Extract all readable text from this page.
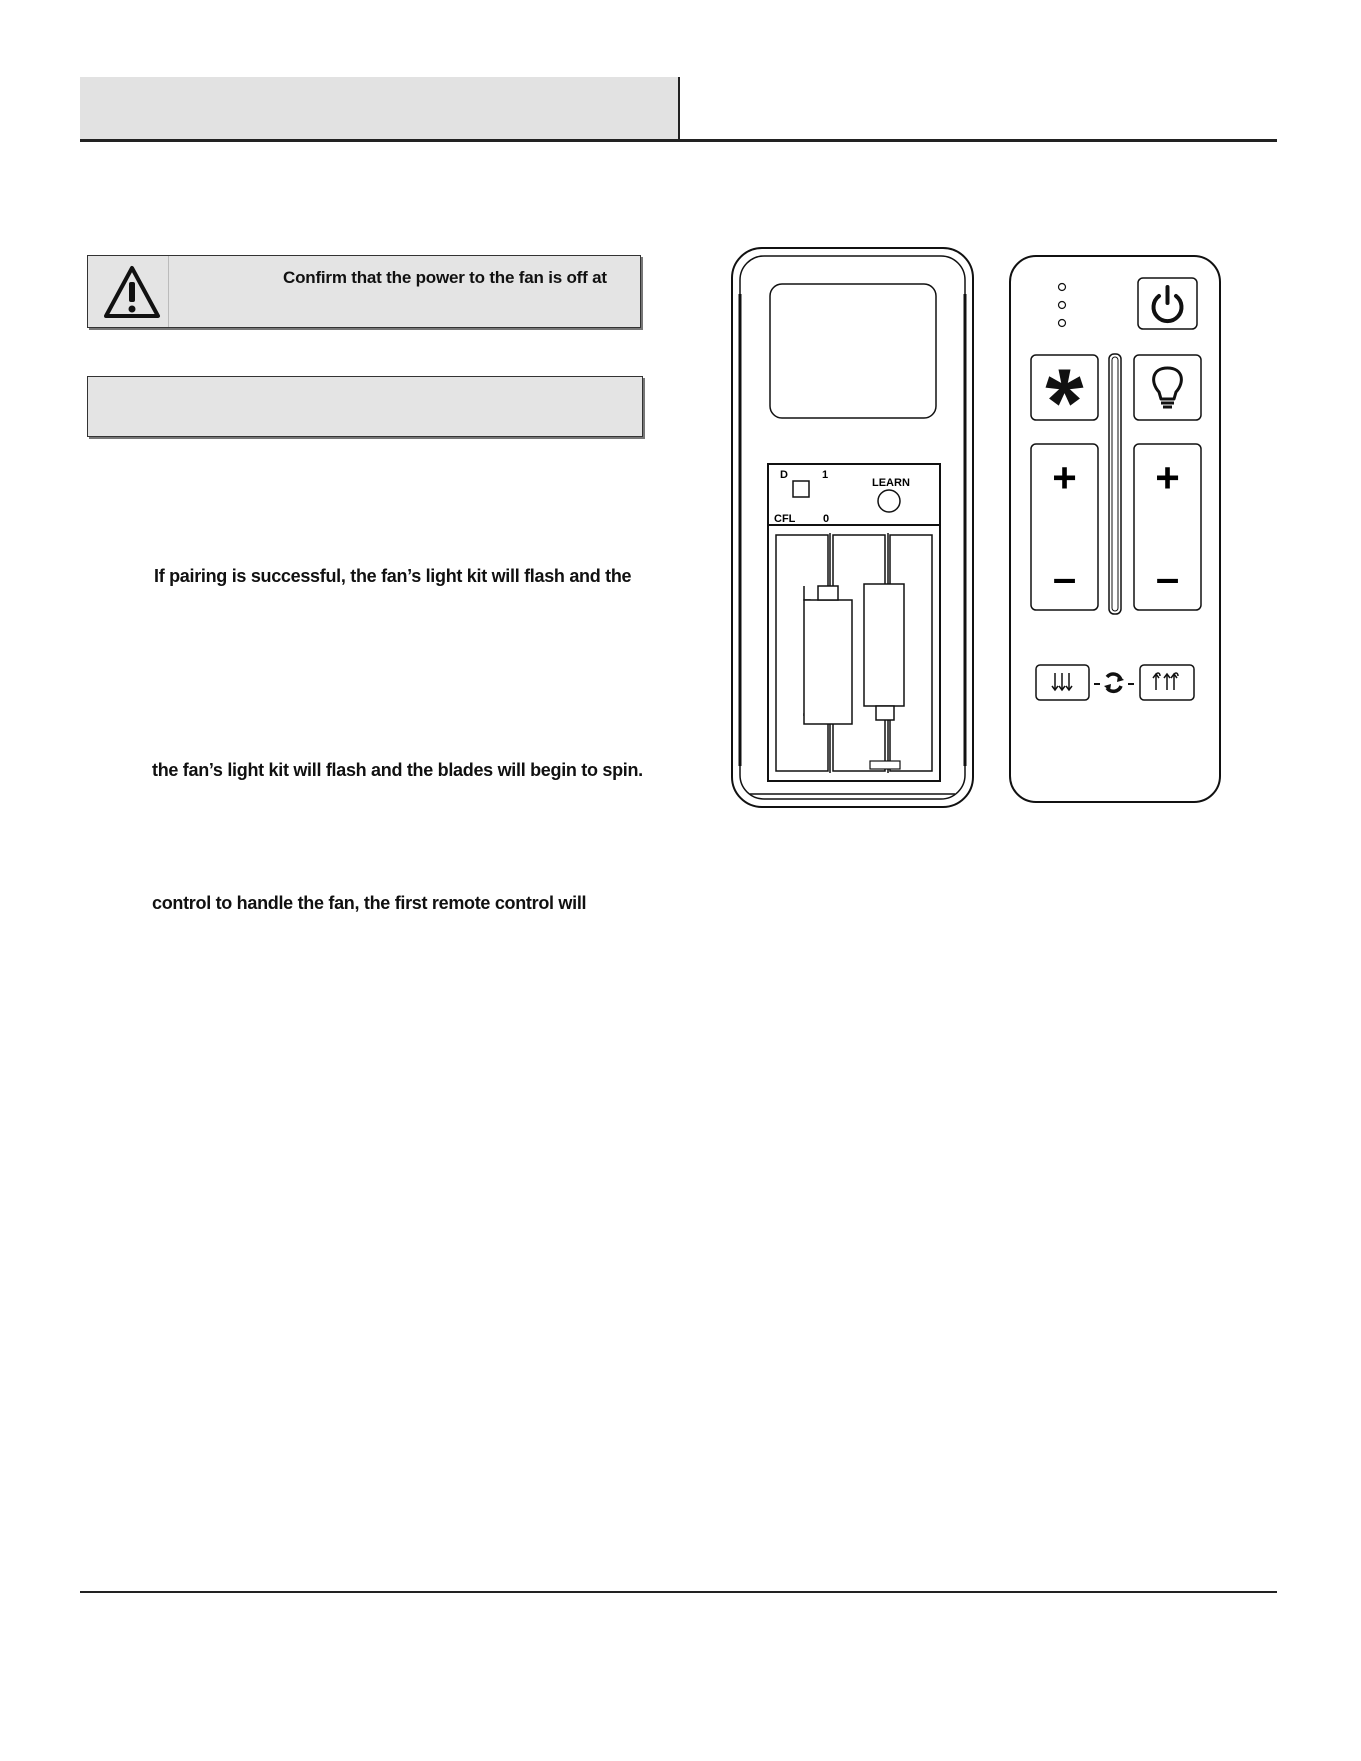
Confirm that the power to the fan is off at
If pairing is successful, the fan’s light kit will flash and the
the fan’s light kit will flash and the blades will begin to spin.
control to handle the fan, the first remote control will
D	1
CFL	0
LEARN	+
–
+
–
